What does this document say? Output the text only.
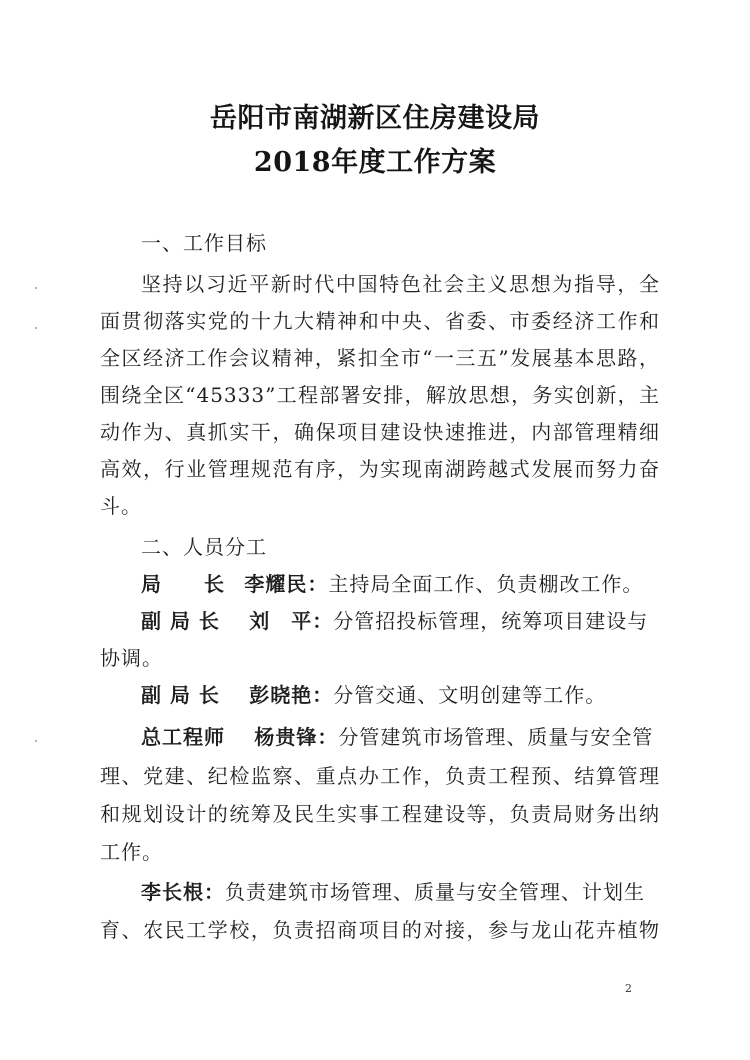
岳阳市南湖新区住房建设局
2018年度工作方案
一、工作目标
坚持以习近平新时代中国特色社会主义思想为指导，全
面贯彻落实党的十九大精神和中央、省委、市委经济工作和
全区经济工作会议精神，紧扣全市“一三五”发展基本思路，
围绕全区“45333”工程部署安排，解放思想，务实创新，主
动作为、真抓实干，确保项目建设快速推进，内部管理精细
高效，行业管理规范有序，为实现南湖跨越式发展而努力奋
斗。
二、人员分工
局　　长 李耀民：主持局全面工作、负责棚改工作。
副 局 长 刘　平：分管招投标管理，统筹项目建设与
协调。
副 局 长 彭晓艳：分管交通、文明创建等工作。
总工程师 杨贵锋：分管建筑市场管理、质量与安全管
理、党建、纪检监察、重点办工作，负责工程预、结算管理
和规划设计的统筹及民生实事工程建设等，负责局财务出纳
工作。
李长根：负责建筑市场管理、质量与安全管理、计划生
育、农民工学校，负责招商项目的对接，参与龙山花卉植物
2
